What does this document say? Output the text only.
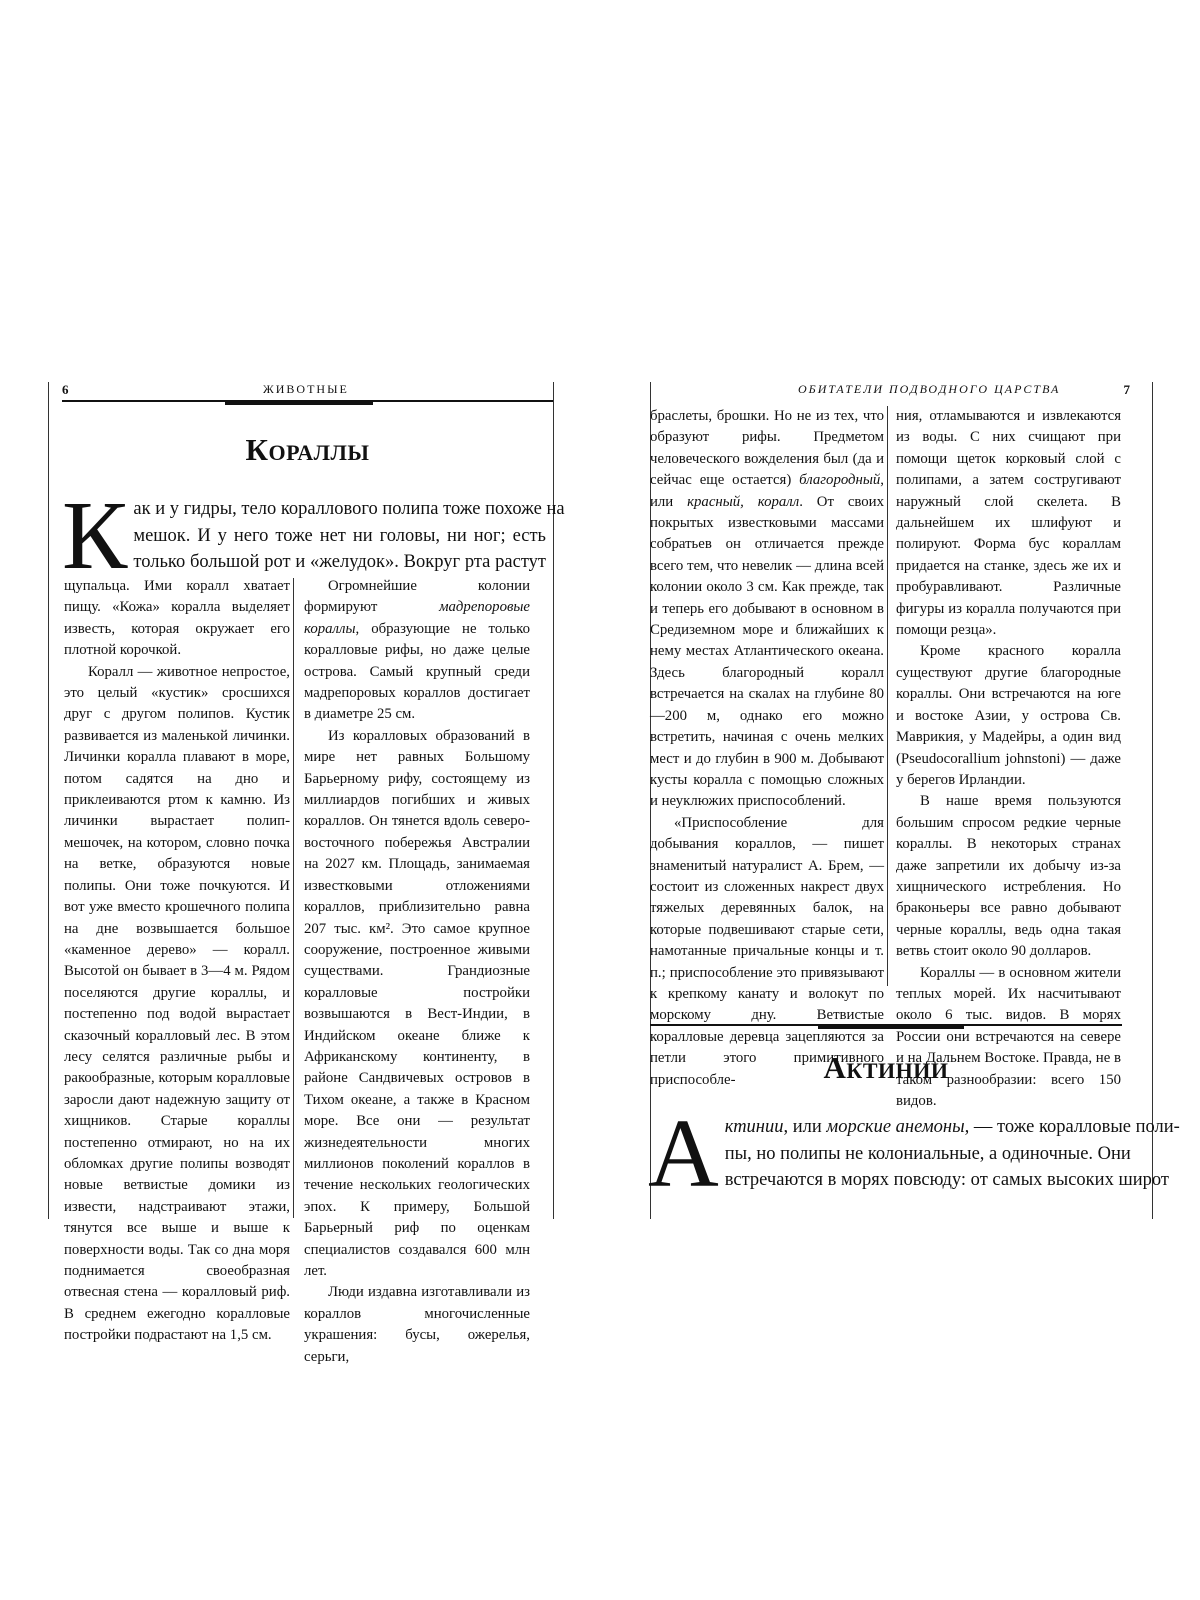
6	ЖИВОТНЫЕ
Кораллы
К ак и у гидры, тело кораллового полипа тоже похоже на
мешок. И у него тоже нет ни головы, ни ног; есть
только большой рот и «желудок». Вокруг рта растут

щупальца. Ими коралл хватает пищу. «Кожа» коралла выделяет известь, которая окружает его плотной корочкой.

Коралл — животное непростое, это целый «кустик» сросшихся друг с другом полипов. Кустик развивается из маленькой личинки. Личинки коралла плавают в море, потом садятся на дно и приклеиваются ртом к камню. Из личинки вырастает полип-мешочек, на котором, словно почка на ветке, образуются новые полипы. Они тоже почкуются. И вот уже вместо крошечного полипа на дне возвышается большое «каменное дерево» — коралл. Высотой он бывает в 3—4 м. Рядом поселяются другие кораллы, и постепенно под водой вырастает сказочный коралловый лес. В этом лесу селятся различные рыбы и ракообразные, которым коралловые заросли дают надежную защиту от хищников. Старые кораллы постепенно отмирают, но на их обломках другие полипы возводят новые ветвистые домики из извести, надстраивают этажи, тянутся все выше и выше к поверхности воды. Так со дна моря поднимается своеобразная отвесная стена — коралловый риф. В среднем ежегодно коралловые постройки подрастают на 1,5 см.

Огромнейшие колонии формируют мадрепоровые кораллы, образующие не только коралловые рифы, но даже целые острова. Самый крупный среди мадрепоровых кораллов достигает в диаметре 25 см.

Из коралловых образований в мире нет равных Большому Барьерному рифу, состоящему из миллиардов погибших и живых кораллов. Он тянется вдоль северо-восточного побережья Австралии на 2027 км. Площадь, занимаемая известковыми отложениями кораллов, приблизительно равна 207 тыс. км². Это самое крупное сооружение, построенное живыми существами. Грандиозные коралловые постройки возвышаются в Вест-Индии, в Индийском океане ближе к Африканскому континенту, в районе Сандвичевых островов в Тихом океане, а также в Красном море. Все они — результат жизнедеятельности многих миллионов поколений кораллов в течение нескольких геологических эпох. К примеру, Большой Барьерный риф по оценкам специалистов создавался 600 млн лет.

Люди издавна изготавливали из кораллов многочисленные украшения: бусы, ожерелья, серьги,

ОБИТАТЕЛИ ПОДВОДНОГО ЦАРСТВА	7

браслеты, брошки. Но не из тех, что образуют рифы. Предметом человеческого вожделения был (да и сейчас еще остается) благородный, или красный, коралл. От своих покрытых известковыми массами собратьев он отличается прежде всего тем, что невелик — длина всей колонии около 3 см. Как прежде, так и теперь его добывают в основном в Средиземном море и ближайших к нему местах Атлантического океана. Здесь благородный коралл встречается на скалах на глубине 80—200 м, однако его можно встретить, начиная с очень мелких мест и до глубин в 900 м. Добывают кусты коралла с помощью сложных и неуклюжих приспособлений.

«Приспособление для добывания кораллов, — пишет знаменитый натуралист А. Брем, — состоит из сложенных накрест двух тяжелых деревянных балок, на которые подвешивают старые сети, намотанные причальные концы и т. п.; приспособление это привязывают к крепкому канату и волокут по морскому дну. Ветвистые коралловые деревца зацепляются за петли этого примитивного приспособле-

ния, отламываются и извлекаются из воды. С них счищают при помощи щеток корковый слой с полипами, а затем состругивают наружный слой скелета. В дальнейшем их шлифуют и полируют. Форма бус кораллам придается на станке, здесь же их и пробуравливают. Различные фигуры из коралла получаются при помощи резца».

Кроме красного коралла существуют другие благородные кораллы. Они встречаются на юге и востоке Азии, у острова Св. Маврикия, у Мадейры, а один вид (Pseudocorallium johnstoni) — даже у берегов Ирландии.

В наше время пользуются большим спросом редкие черные кораллы. В некоторых странах даже запретили их добычу из-за хищнического истребления. Но браконьеры все равно добывают черные кораллы, ведь одна такая ветвь стоит около 90 долларов.

Кораллы — в основном жители теплых морей. Их насчитывают около 6 тыс. видов. В морях России они встречаются на севере и на Дальнем Востоке. Правда, не в таком разнообразии: всего 150 видов.

Актинии
А ктинии, или морские анемоны, — тоже коралловые поли-
пы, но полипы не колониальные, а одиночные. Они
встречаются в морях повсюду: от самых высоких широт
